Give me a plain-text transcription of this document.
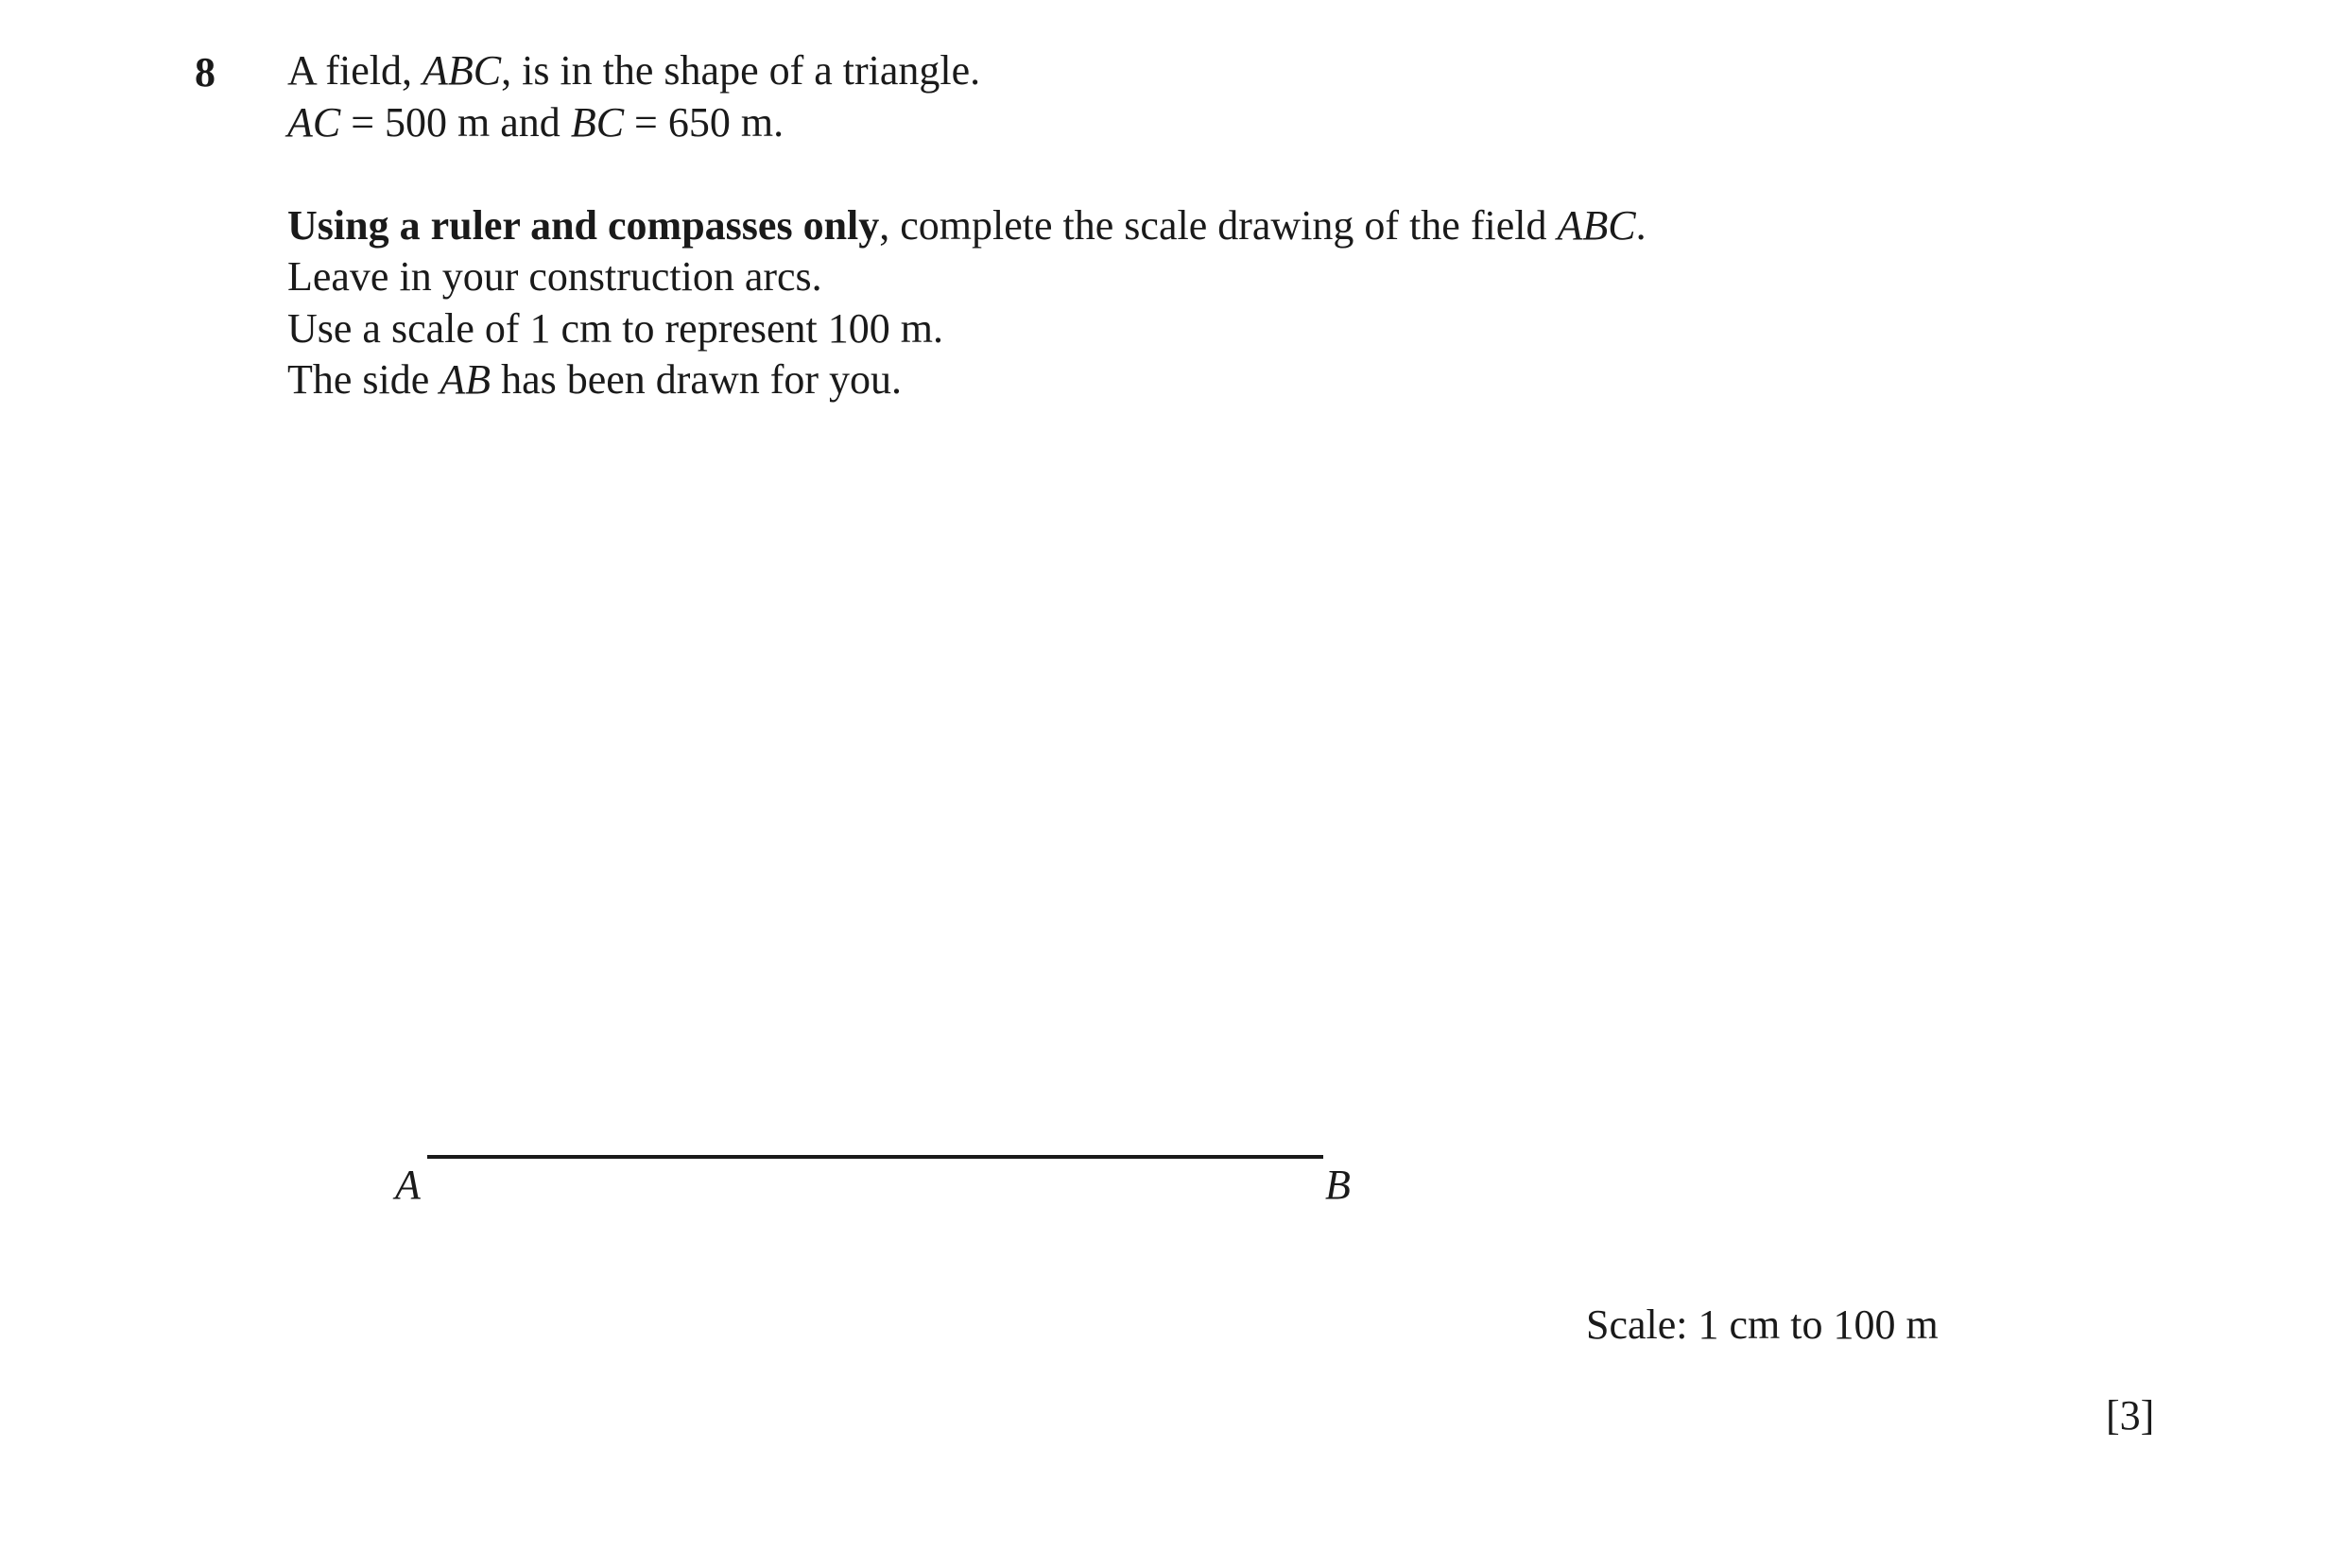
8 A field, ABC, is in the shape of a triangle.
AC = 500 m and BC = 650 m.
Using a ruler and compasses only, complete the scale drawing of the field ABC.
Leave in your construction arcs.
Use a scale of 1 cm to represent 100 m.
The side AB has been drawn for you.
A	B
Scale: 1 cm to 100 m
[3]
